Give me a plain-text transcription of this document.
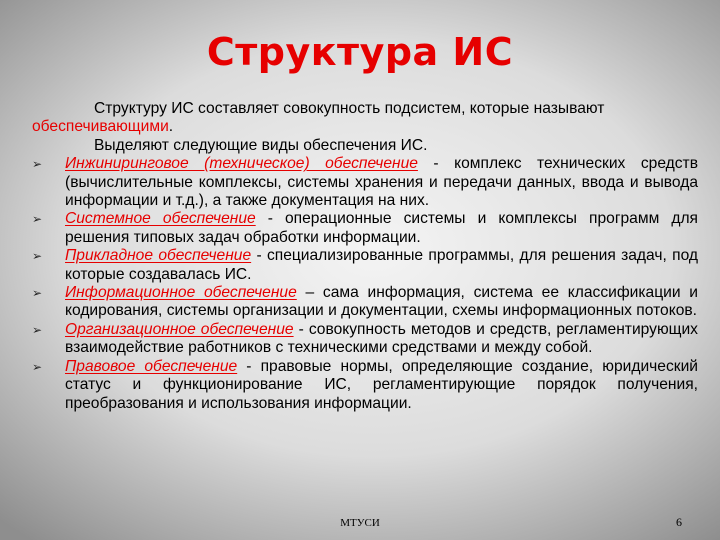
Структура ИС

Структуру ИС составляет совокупность подсистем, которые называют обеспечивающими.

Выделяют следующие виды обеспечения ИС.

➢ Инжиниринговое (техническое) обеспечение - комплекс технических средств (вычислительные комплексы, системы хранения и передачи данных, ввода и вывода информации и т.д.), а также документация на них.
➢ Системное обеспечение - операционные системы и комплексы программ для решения типовых задач обработки информации.
➢ Прикладное обеспечение - специализированные программы, для решения задач, под которые создавалась ИС.
➢ Информационное обеспечение – сама информация, система ее классификации и кодирования, системы организации и документации, схемы информационных потоков.
➢ Организационное обеспечение - совокупность методов и средств, регламентирующих взаимодействие работников с техническими средствами и между собой.
➢ Правовое обеспечение - правовые нормы, определяющие создание, юридический статус и функционирование ИС, регламентирующие порядок получения, преобразования и использования информации.
МТУСИ	6
